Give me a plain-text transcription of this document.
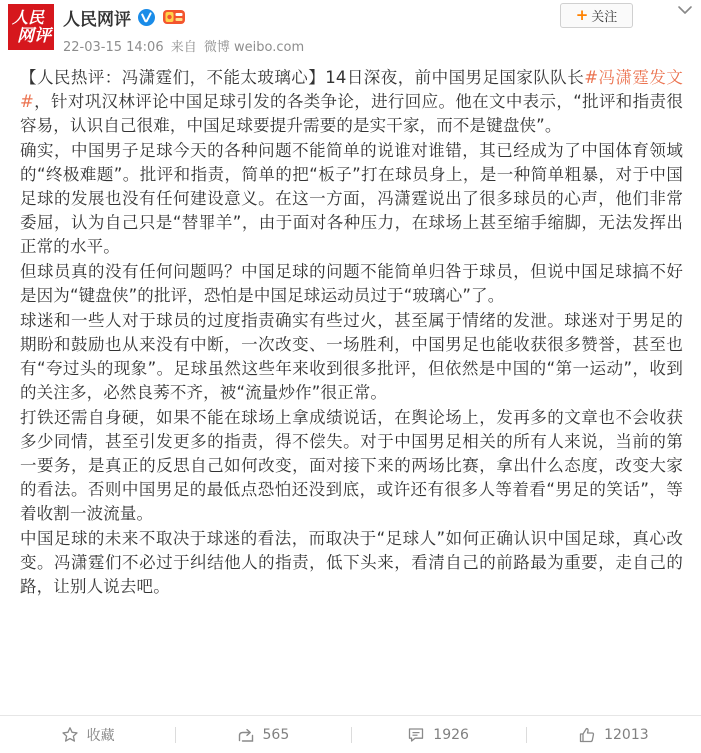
人民
网评
人民网评
22-03-15 14:06 来自 微博 weibo.com
+ 关注

【人民热评：冯潇霆们，不能太玻璃心】14日深夜，前中国男足国家队队长#冯潇霆发文#，针对巩汉林评论中国足球引发的各类争论，进行回应。他在文中表示，“批评和指责很容易，认识自己很难，中国足球要提升需要的是实干家，而不是键盘侠”。

确实，中国男子足球今天的各种问题不能简单的说谁对谁错，其已经成为了中国体育领域的“终极难题”。批评和指责，简单的把“板子”打在球员身上，是一种简单粗暴，对于中国足球的发展也没有任何建设意义。在这一方面，冯潇霆说出了很多球员的心声，他们非常委屈，认为自己只是“替罪羊”，由于面对各种压力，在球场上甚至缩手缩脚，无法发挥出正常的水平。

但球员真的没有任何问题吗？中国足球的问题不能简单归咎于球员，但说中国足球搞不好是因为“键盘侠”的批评，恐怕是中国足球运动员过于“玻璃心”了。

球迷和一些人对于球员的过度指责确实有些过火，甚至属于情绪的发泄。球迷对于男足的期盼和鼓励也从来没有中断，一次改变、一场胜利，中国男足也能收获很多赞誉，甚至也有“夸过头的现象”。足球虽然这些年来收到很多批评，但依然是中国的“第一运动”，收到的关注多，必然良莠不齐，被“流量炒作”很正常。

打铁还需自身硬，如果不能在球场上拿成绩说话，在舆论场上，发再多的文章也不会收获多少同情，甚至引发更多的指责，得不偿失。对于中国男足相关的所有人来说，当前的第一要务，是真正的反思自己如何改变，面对接下来的两场比赛，拿出什么态度，改变大家的看法。否则中国男足的最低点恐怕还没到底，或许还有很多人等着看“男足的笑话”，等着收割一波流量。

中国足球的未来不取决于球迷的看法，而取决于“足球人”如何正确认识中国足球，真心改变。冯潇霆们不必过于纠结他人的指责，低下头来，看清自己的前路最为重要，走自己的路，让别人说去吧。

收藏	565	1926	12013
